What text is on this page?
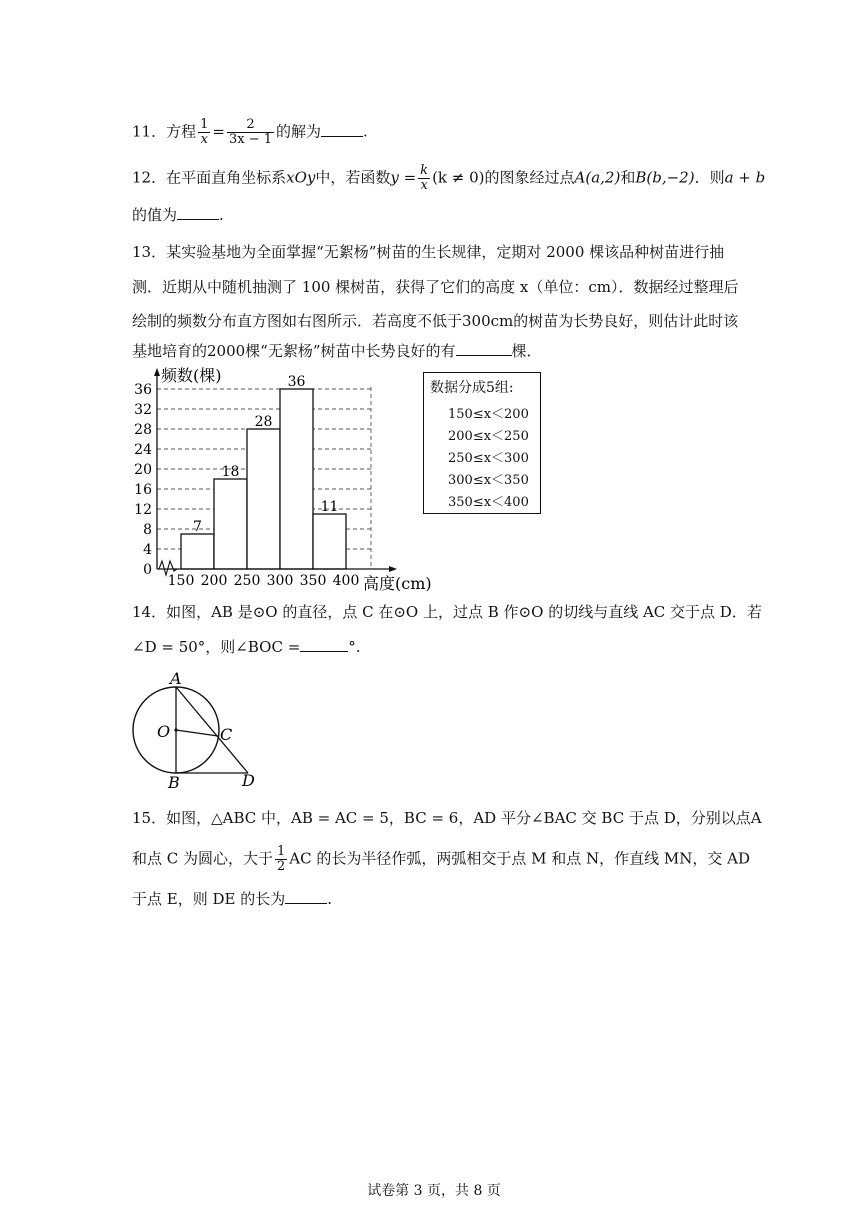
11．方程 $\frac{1}{x} = \frac{2}{3x - 1}$ 的解为	.
12．在平面直角坐标系xOy中，若函数$y = \frac{k}{x} (k \ne 0)$的图象经过点A(a,2)和B(b,−2)．则a + b
的值为	.
13．某实验基地为全面掌握“无絮杨”树苗的生长规律，定期对 2000 棵该品种树苗进行抽
测．近期从中随机抽测了 100 棵树苗，获得了它们的高度 x（单位：cm）．数据经过整理后
绘制的频数分布直方图如右图所示．若高度不低于300cm的树苗为长势良好，则估计此时该
基地培育的2000棵“无絮杨”树苗中长势良好的有	棵．
0
4
8
12
16
20
24
28
32
36
7
18
28
36
11
150 200 250 300 350 400
频数(棵)
高度(cm)
数据分成5组:
150≤x＜200
200≤x＜250
250≤x＜300
300≤x＜350
350≤x＜400
14．如图，AB 是⊙O 的直径，点 C 在⊙O 上，过点 B 作⊙O 的切线与直线 AC 交于点 D．若
∠D = 50°，则∠BOC =	°.
A
O	C
B	D
15．如图，△ABC 中，AB = AC = 5，BC = 6，AD 平分∠BAC 交 BC 于点 D，分别以点A
和点 C 为圆心，大于 $\frac{1}{2}$ AC 的长为半径作弧，两弧相交于点 M 和点 N，作直线 MN，交 AD
于点 E，则 DE 的长为	.
试卷第 3 页，共 8 页
